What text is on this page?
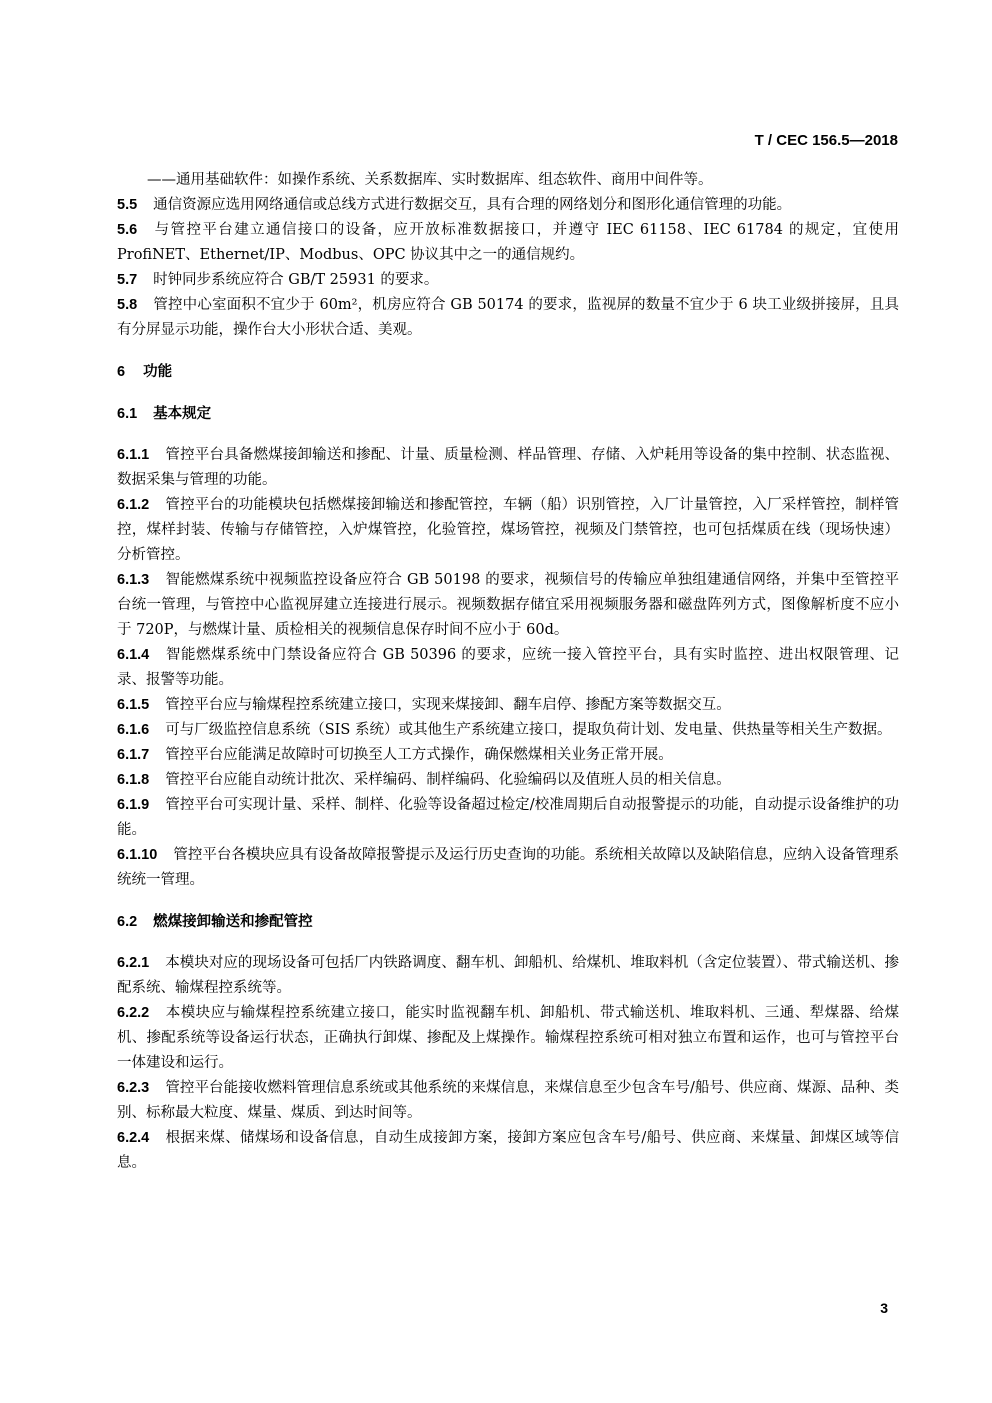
T / CEC 156.5—2018

——通用基础软件：如操作系统、关系数据库、实时数据库、组态软件、商用中间件等。

5.5 通信资源应选用网络通信或总线方式进行数据交互，具有合理的网络划分和图形化通信管理的功能。

5.6 与管控平台建立通信接口的设备，应开放标准数据接口，并遵守 IEC 61158、IEC 61784 的规定，宜使用 ProfiNET、Ethernet/IP、Modbus、OPC 协议其中之一的通信规约。

5.7 时钟同步系统应符合 GB/T 25931 的要求。

5.8 管控中心室面积不宜少于 60m²，机房应符合 GB 50174 的要求，监视屏的数量不宜少于 6 块工业级拼接屏，且具有分屏显示功能，操作台大小形状合适、美观。

6 功能

6.1 基本规定

6.1.1 管控平台具备燃煤接卸输送和掺配、计量、质量检测、样品管理、存储、入炉耗用等设备的集中控制、状态监视、数据采集与管理的功能。

6.1.2 管控平台的功能模块包括燃煤接卸输送和掺配管控，车辆（船）识别管控，入厂计量管控，入厂采样管控，制样管控，煤样封装、传输与存储管控，入炉煤管控，化验管控，煤场管控，视频及门禁管控，也可包括煤质在线（现场快速）分析管控。

6.1.3 智能燃煤系统中视频监控设备应符合 GB 50198 的要求，视频信号的传输应单独组建通信网络，并集中至管控平台统一管理，与管控中心监视屏建立连接进行展示。视频数据存储宜采用视频服务器和磁盘阵列方式，图像解析度不应小于 720P，与燃煤计量、质检相关的视频信息保存时间不应小于 60d。

6.1.4 智能燃煤系统中门禁设备应符合 GB 50396 的要求，应统一接入管控平台，具有实时监控、进出权限管理、记录、报警等功能。

6.1.5 管控平台应与输煤程控系统建立接口，实现来煤接卸、翻车启停、掺配方案等数据交互。

6.1.6 可与厂级监控信息系统（SIS 系统）或其他生产系统建立接口，提取负荷计划、发电量、供热量等相关生产数据。

6.1.7 管控平台应能满足故障时可切换至人工方式操作，确保燃煤相关业务正常开展。

6.1.8 管控平台应能自动统计批次、采样编码、制样编码、化验编码以及值班人员的相关信息。

6.1.9 管控平台可实现计量、采样、制样、化验等设备超过检定/校准周期后自动报警提示的功能，自动提示设备维护的功能。

6.1.10 管控平台各模块应具有设备故障报警提示及运行历史查询的功能。系统相关故障以及缺陷信息，应纳入设备管理系统统一管理。

6.2 燃煤接卸输送和掺配管控

6.2.1 本模块对应的现场设备可包括厂内铁路调度、翻车机、卸船机、给煤机、堆取料机（含定位装置）、带式输送机、掺配系统、输煤程控系统等。

6.2.2 本模块应与输煤程控系统建立接口，能实时监视翻车机、卸船机、带式输送机、堆取料机、三通、犁煤器、给煤机、掺配系统等设备运行状态，正确执行卸煤、掺配及上煤操作。输煤程控系统可相对独立布置和运作，也可与管控平台一体建设和运行。

6.2.3 管控平台能接收燃料管理信息系统或其他系统的来煤信息，来煤信息至少包含车号/船号、供应商、煤源、品种、类别、标称最大粒度、煤量、煤质、到达时间等。

6.2.4 根据来煤、储煤场和设备信息，自动生成接卸方案，接卸方案应包含车号/船号、供应商、来煤量、卸煤区域等信息。

3
